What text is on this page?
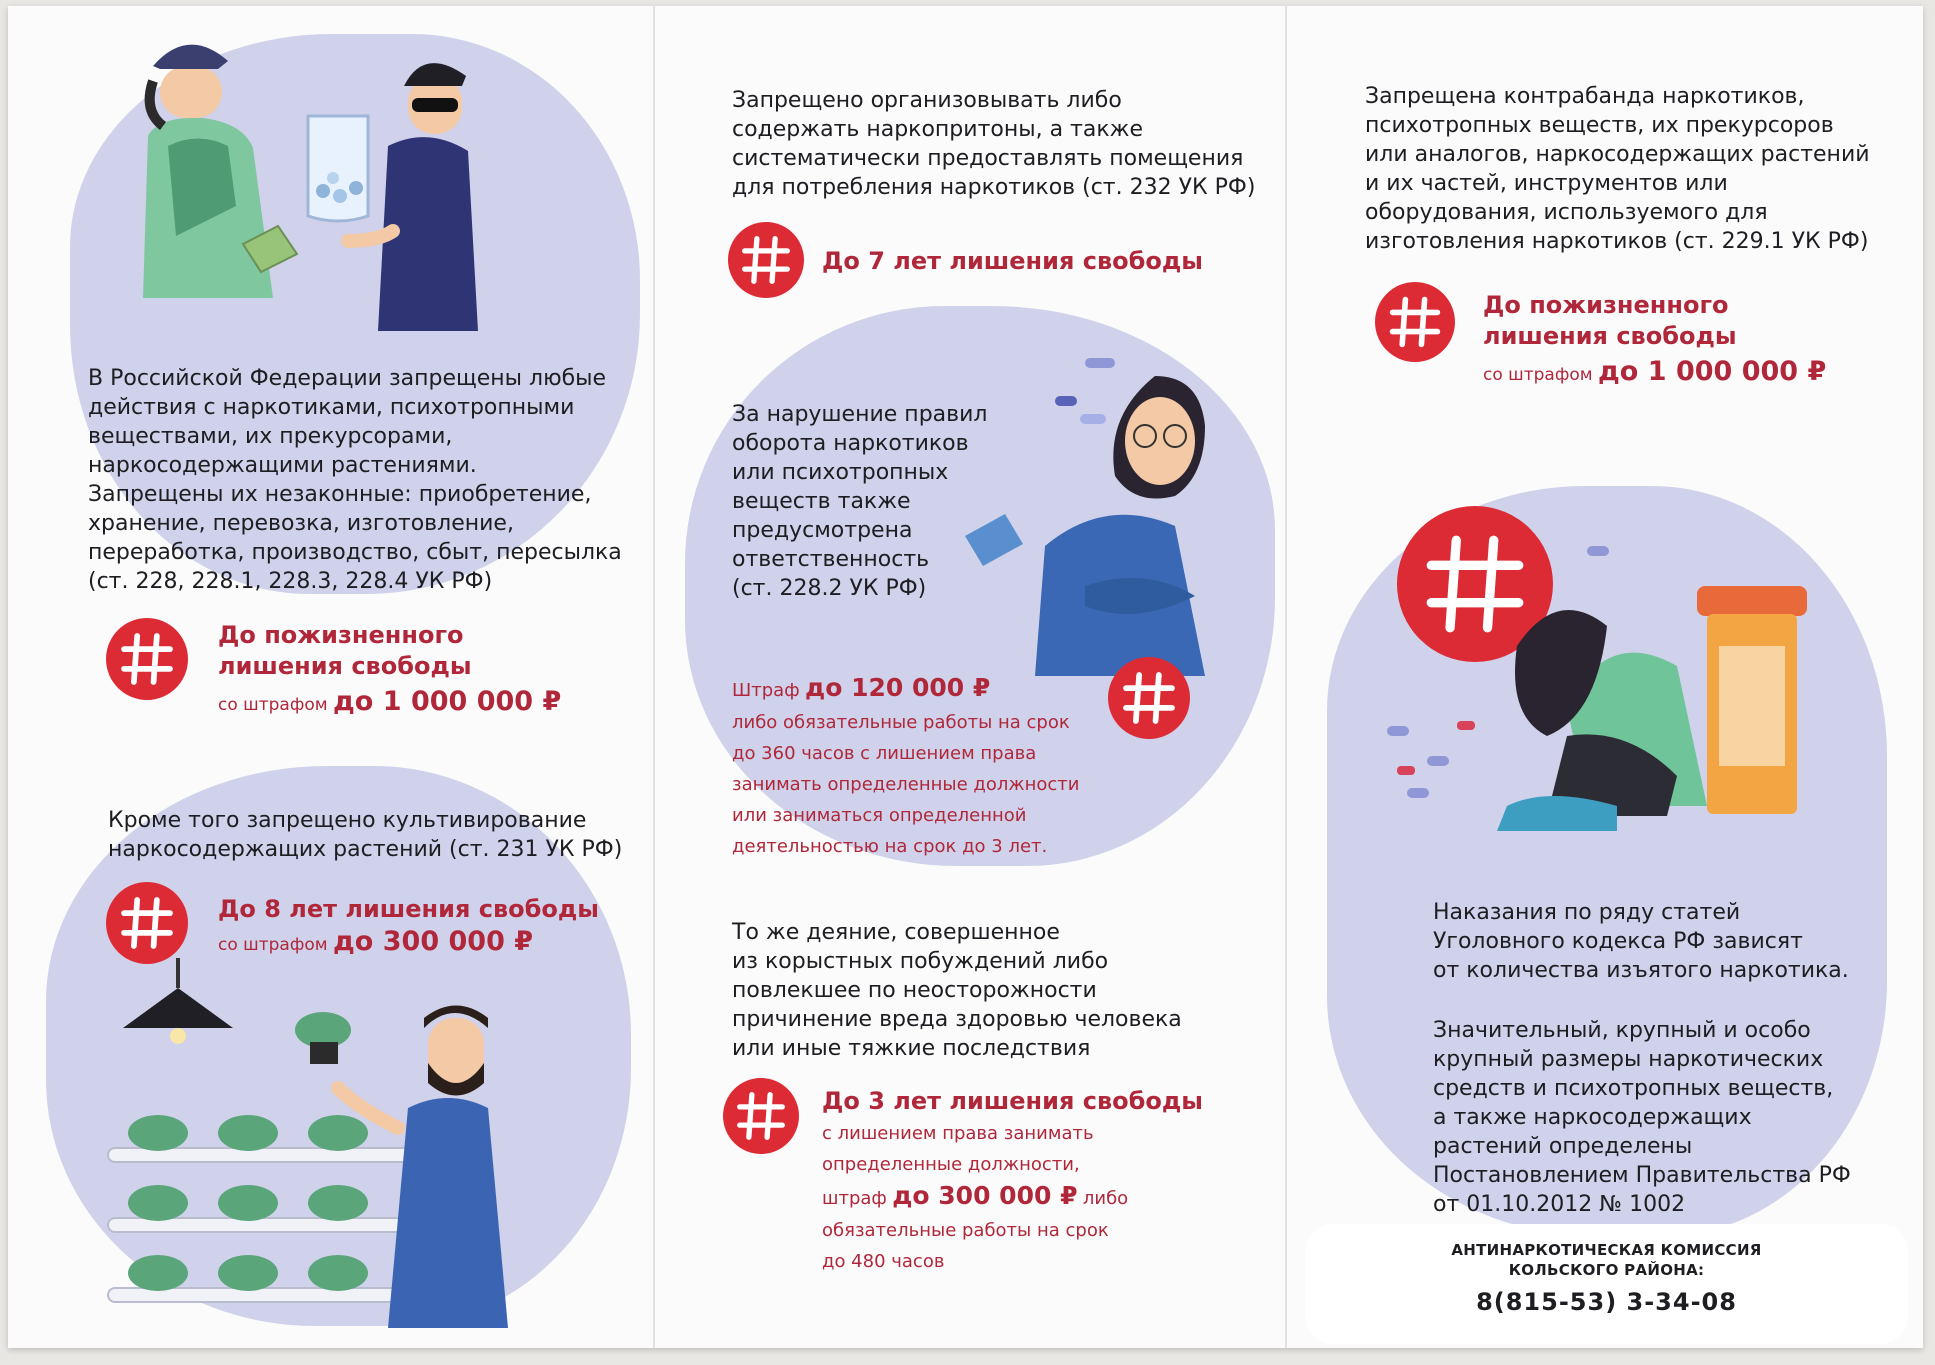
В Российской Федерации запрещены любые
действия с наркотиками, психотропными
веществами, их прекурсорами,
наркосодержащими растениями.
Запрещены их незаконные: приобретение,
хранение, перевозка, изготовление,
переработка, производство, сбыт, пересылка
(ст. 228, 228.1, 228.3, 228.4 УК РФ)
До пожизненного
лишения свободы
со штрафом до 1 000 000 ₽
Кроме того запрещено культивирование
наркосодержащих растений (ст. 231 УК РФ)
До 8 лет лишения свободы
со штрафом до 300 000 ₽
Запрещено организовывать либо
содержать наркопритоны, а также
систематически предоставлять помещения
для потребления наркотиков (ст. 232 УК РФ)
До 7 лет лишения свободы
За нарушение правил
оборота наркотиков
или психотропных
веществ также
предусмотрена
ответственность
(ст. 228.2 УК РФ)
Штраф до 120 000 ₽
либо обязательные работы на срок
до 360 часов с лишением права
занимать определенные должности
или заниматься определенной
деятельностью на срок до 3 лет.
То же деяние, совершенное
из корыстных побуждений либо
повлекшее по неосторожности
причинение вреда здоровью человека
или иные тяжкие последствия
До 3 лет лишения свободы
с лишением права занимать
определенные должности,
штраф до 300 000 ₽ либо
обязательные работы на срок
до 480 часов
Запрещена контрабанда наркотиков,
психотропных веществ, их прекурсоров
или аналогов, наркосодержащих растений
и их частей, инструментов или
оборудования, используемого для
изготовления наркотиков (ст. 229.1 УК РФ)
До пожизненного
лишения свободы
со штрафом до 1 000 000 ₽
Наказания по ряду статей
Уголовного кодекса РФ зависят
от количества изъятого наркотика.
Значительный, крупный и особо
крупный размеры наркотических
средств и психотропных веществ,
а также наркосодержащих
растений определены
Постановлением Правительства РФ
от 01.10.2012 № 1002
АНТИНАРКОТИЧЕСКАЯ КОМИССИЯ
КОЛЬСКОГО РАЙОНА:
8(815-53) 3-34-08
